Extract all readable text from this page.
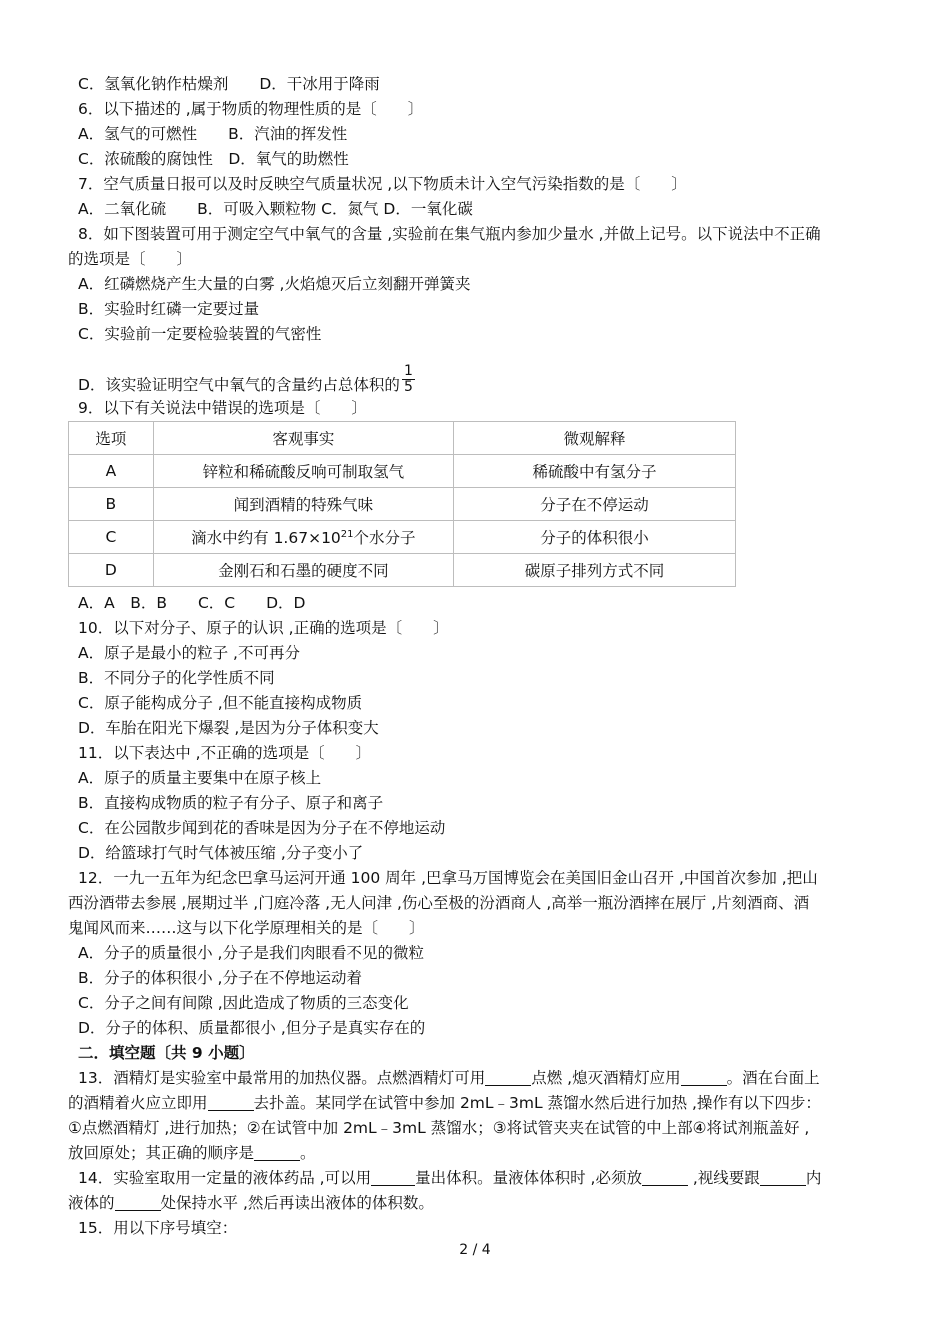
C．氢氧化钠作枯燥剂　　D．干冰用于降雨

6．以下描述的 ,属于物质的物理性质的是〔　　〕

A．氢气的可燃性　　B．汽油的挥发性

C．浓硫酸的腐蚀性　D．氧气的助燃性

7．空气质量日报可以及时反映空气质量状况 ,以下物质未计入空气污染指数的是〔　　〕

A．二氧化硫　　B．可吸入颗粒物 C．氮气 D．一氧化碳

8．如下图装置可用于测定空气中氧气的含量 ,实验前在集气瓶内参加少量水 ,并做上记号。以下说法中不正确

的选项是〔　　〕

A．红磷燃烧产生大量的白雾 ,火焰熄灭后立刻翻开弹簧夹

B．实验时红磷一定要过量

C．实验前一定要检验装置的气密性

D．该实验证明空气中氧气的含量约占总体积的 $\frac{1}{5}$

9．以下有关说法中错误的选项是〔　　〕

选项	客观事实	微观解释
A	锌粒和稀硫酸反响可制取氢气	稀硫酸中有氢分子
B	闻到酒精的特殊气味	分子在不停运动
C	滴水中约有 $1.67\times 10^{21}$个水分子	分子的体积很小
D	金刚石和石墨的硬度不同	碳原子排列方式不同

A．A　B．B　　C．C　　D．D

10．以下对分子、原子的认识 ,正确的选项是〔　　〕

A．原子是最小的粒子 ,不可再分

B．不同分子的化学性质不同

C．原子能构成分子 ,但不能直接构成物质

D．车胎在阳光下爆裂 ,是因为分子体积变大

11．以下表达中 ,不正确的选项是〔　　〕

A．原子的质量主要集中在原子核上

B．直接构成物质的粒子有分子、原子和离子

C．在公园散步闻到花的香味是因为分子在不停地运动

D．给篮球打气时气体被压缩 ,分子变小了

12．一九一五年为纪念巴拿马运河开通 100 周年 ,巴拿马万国博览会在美国旧金山召开 ,中国首次参加 ,把山

西汾酒带去参展 ,展期过半 ,门庭冷落 ,无人问津 ,伤心至极的汾酒商人 ,高举一瓶汾酒摔在展厅 ,片刻酒商、酒

鬼闻风而来……这与以下化学原理相关的是〔　　〕

A．分子的质量很小 ,分子是我们肉眼看不见的微粒

B．分子的体积很小 ,分子在不停地运动着

C．分子之间有间隙 ,因此造成了物质的三态变化

D．分子的体积、质量都很小 ,但分子是真实存在的

二．填空题〔共 9 小题〕

13．酒精灯是实验室中最常用的加热仪器。点燃酒精灯可用	点燃 ,熄灭酒精灯应用	。酒在台面上

的酒精着火应立即用	去扑盖。某同学在试管中参加 2mL﹣3mL 蒸馏水然后进行加热 ,操作有以下四步：

①点燃酒精灯 ,进行加热；②在试管中加 2mL﹣3mL 蒸馏水；③将试管夹夹在试管的中上部④将试剂瓶盖好 ,

放回原处；其正确的顺序是	。

14．实验室取用一定量的液体药品 ,可以用	量出体积。量液体体积时 ,必须放	,视线要跟	内

液体的	处保持水平 ,然后再读出液体的体积数。

15．用以下序号填空：

2 / 4
